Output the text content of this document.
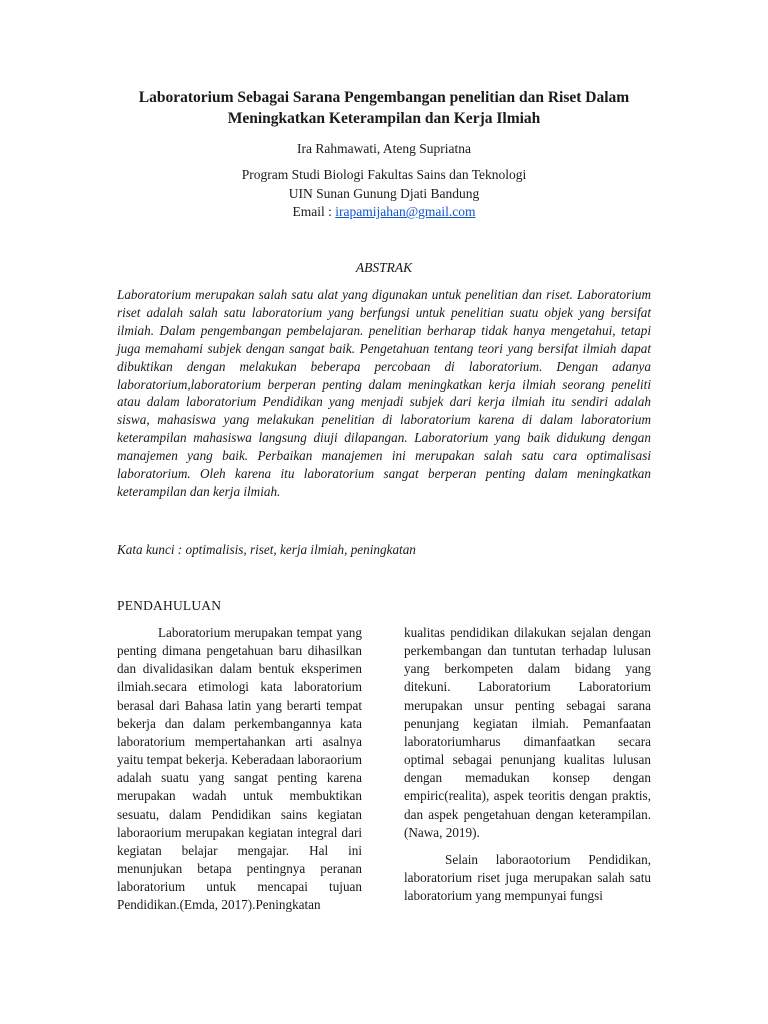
Laboratorium Sebagai Sarana Pengembangan penelitian dan Riset Dalam Meningkatkan Keterampilan dan Kerja Ilmiah
Ira Rahmawati, Ateng Supriatna
Program Studi Biologi Fakultas Sains dan Teknologi
UIN Sunan Gunung Djati Bandung
Email : irapamijahan@gmail.com
ABSTRAK
Laboratorium merupakan salah satu alat yang digunakan untuk penelitian dan riset. Laboratorium riset adalah salah satu laboratorium yang berfungsi untuk penelitian suatu objek yang bersifat ilmiah. Dalam pengembangan pembelajaran. penelitian berharap tidak hanya mengetahui, tetapi juga memahami subjek dengan sangat baik. Pengetahuan tentang teori yang bersifat ilmiah dapat dibuktikan dengan melakukan beberapa percobaan di laboratorium. Dengan adanya laboratorium,laboratorium berperan penting dalam meningkatkan kerja ilmiah seorang peneliti atau dalam laboratorium Pendidikan yang menjadi subjek dari kerja ilmiah itu sendiri adalah siswa, mahasiswa yang melakukan penelitian di laboratorium karena di dalam laboratorium keterampilan mahasiswa langsung diuji dilapangan. Laboratorium yang baik didukung dengan manajemen yang baik. Perbaikan manajemen ini merupakan salah satu cara optimalisasi laboratorium. Oleh karena itu laboratorium sangat berperan penting dalam meningkatkan keterampilan dan kerja ilmiah.
Kata kunci : optimalisis, riset, kerja ilmiah, peningkatan
PENDAHULUAN

Laboratorium merupakan tempat yang penting dimana pengetahuan baru dihasilkan dan divalidasikan dalam bentuk eksperimen ilmiah.secara etimologi kata laboratorium berasal dari Bahasa latin yang berarti tempat bekerja dan dalam perkembangannya kata laboratorium mempertahankan arti asalnya yaitu tempat bekerja. Keberadaan laboraorium adalah suatu yang sangat penting karena merupakan wadah untuk membuktikan sesuatu, dalam Pendidikan sains kegiatan laboraorium merupakan kegiatan integral dari kegiatan belajar mengajar. Hal ini menunjukan betapa pentingnya peranan laboratorium untuk mencapai tujuan Pendidikan.(Emda, 2017).Peningkatan

kualitas pendidikan dilakukan sejalan dengan perkembangan dan tuntutan terhadap lulusan yang berkompeten dalam bidang yang ditekuni. Laboratorium Laboratorium merupakan unsur penting sebagai sarana penunjang kegiatan ilmiah. Pemanfaatan laboratoriumharus dimanfaatkan secara optimal sebagai penunjang kualitas lulusan dengan memadukan konsep dengan empiric(realita), aspek teoritis dengan praktis, dan aspek pengetahuan dengan keterampilan. (Nawa, 2019).

Selain laboraotorium Pendidikan, laboratorium riset juga merupakan salah satu laboratorium yang mempunyai fungsi
